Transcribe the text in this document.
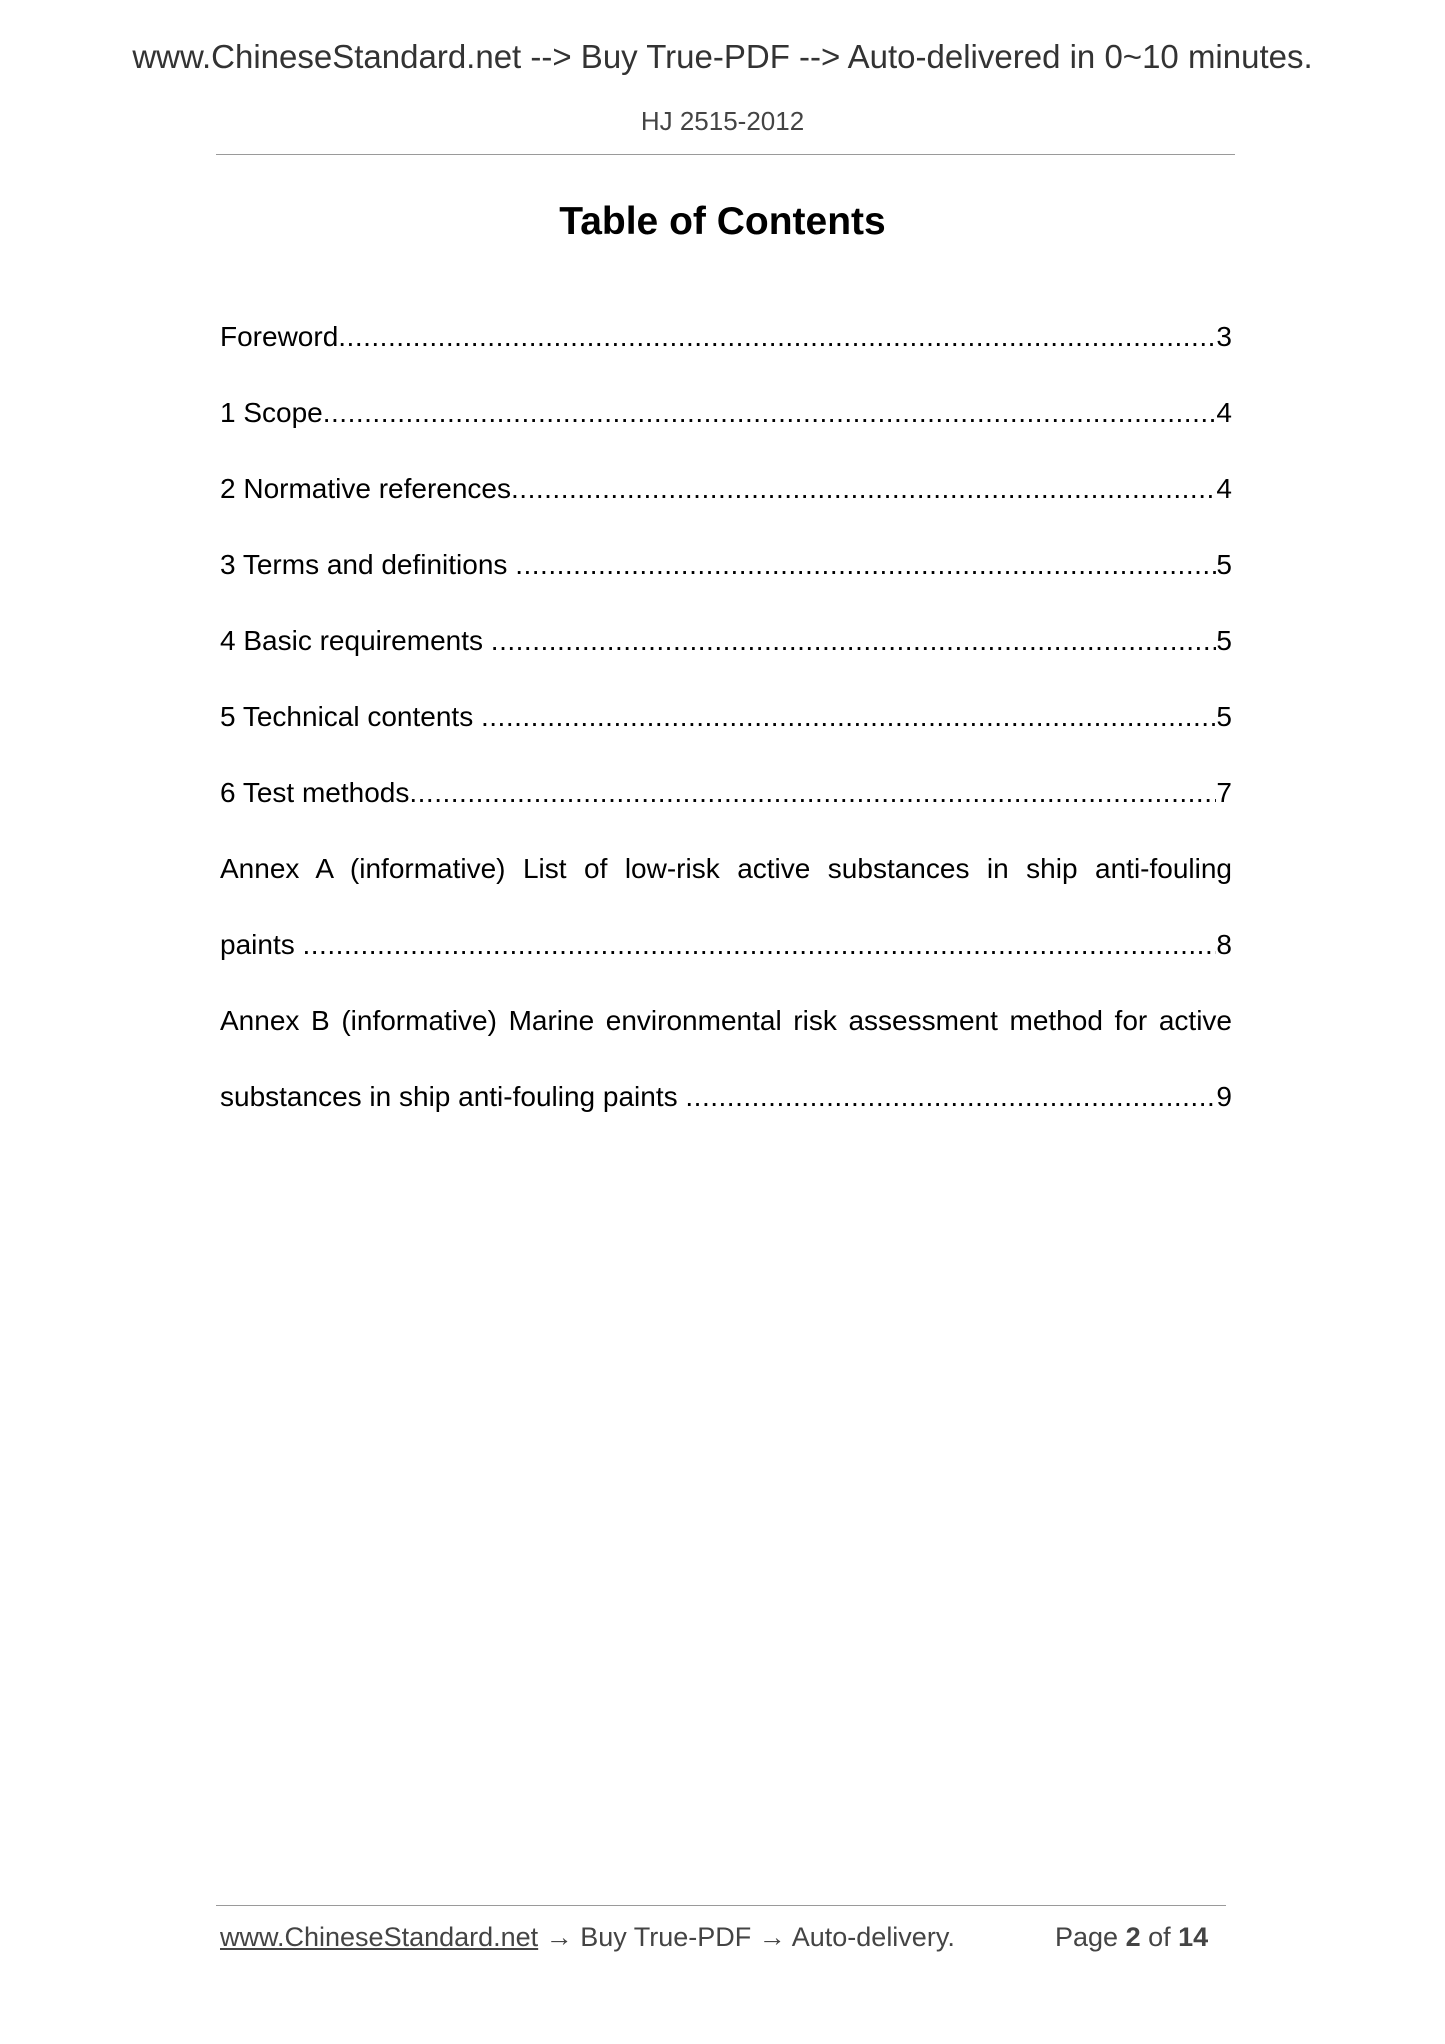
www.ChineseStandard.net --> Buy True-PDF --> Auto-delivered in 0~10 minutes.
HJ 2515-2012
Table of Contents
Foreword .....	3
1 Scope .....	4
2 Normative references .....	4
3 Terms and definitions .....	5
4 Basic requirements .....	5
5 Technical contents .....	5
6 Test methods .....	7
Annex A (informative) List of low-risk active substances in ship anti-fouling
paints .....	8
Annex B (informative) Marine environmental risk assessment method for active
substances in ship anti-fouling paints .....	9
www.ChineseStandard.net → Buy True-PDF → Auto-delivery.	Page 2 of 14
